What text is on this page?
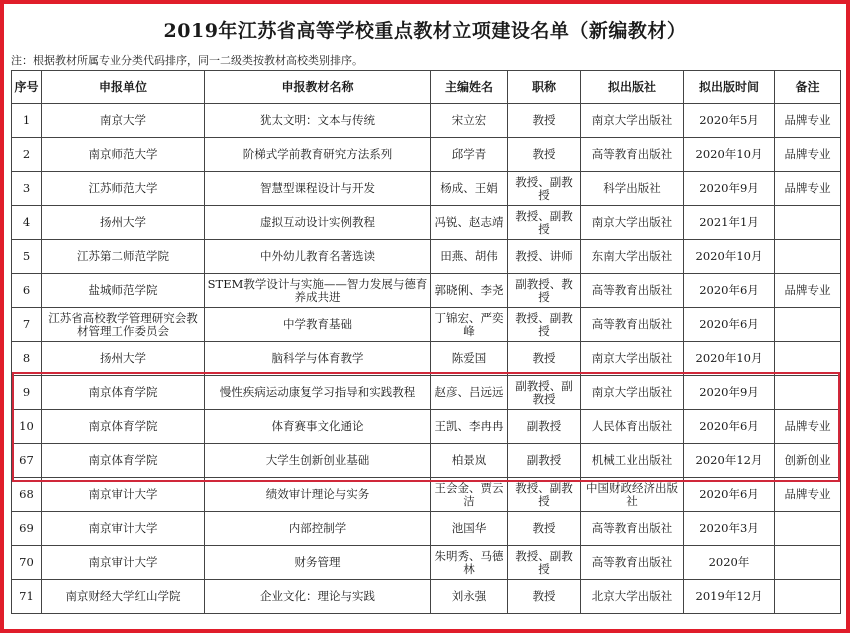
2019年江苏省高等学校重点教材立项建设名单（新编教材）
注：根据教材所属专业分类代码排序，同一二级类按教材高校类别排序。
序号	申报单位	申报教材名称	主编姓名	职称	拟出版社	拟出版时间	备注
1	南京大学	犹太文明：文本与传统	宋立宏	教授	南京大学出版社	2020年5月	品牌专业
2	南京师范大学	阶梯式学前教育研究方法系列	邱学青	教授	高等教育出版社	2020年10月	品牌专业
3	江苏师范大学	智慧型课程设计与开发	杨成、王娟	教授、副教授	科学出版社	2020年9月	品牌专业
4	扬州大学	虚拟互动设计实例教程	冯锐、赵志靖	教授、副教授	南京大学出版社	2021年1月	
5	江苏第二师范学院	中外幼儿教育名著选读	田燕、胡伟	教授、讲师	东南大学出版社	2020年10月	
6	盐城师范学院	STEM教学设计与实施——智力发展与德育养成共进	郭晓俐、李尧	副教授、教授	高等教育出版社	2020年6月	品牌专业
7	江苏省高校教学管理研究会教材管理工作委员会	中学教育基础	丁锦宏、严奕峰	教授、副教授	高等教育出版社	2020年6月	
8	扬州大学	脑科学与体育教学	陈爱国	教授	南京大学出版社	2020年10月	
9	南京体育学院	慢性疾病运动康复学习指导和实践教程	赵彦、吕远远	副教授、副教授	南京大学出版社	2020年9月	
10	南京体育学院	体育赛事文化通论	王凯、李冉冉	副教授	人民体育出版社	2020年6月	品牌专业
67	南京体育学院	大学生创新创业基础	柏景岚	副教授	机械工业出版社	2020年12月	创新创业
68	南京审计大学	绩效审计理论与实务	王会金、贾云洁	教授、副教授	中国财政经济出版社	2020年6月	品牌专业
69	南京审计大学	内部控制学	池国华	教授	高等教育出版社	2020年3月	
70	南京审计大学	财务管理	朱明秀、马德林	教授、副教授	高等教育出版社	2020年	
71	南京财经大学红山学院	企业文化：理论与实践	刘永强	教授	北京大学出版社	2019年12月	
